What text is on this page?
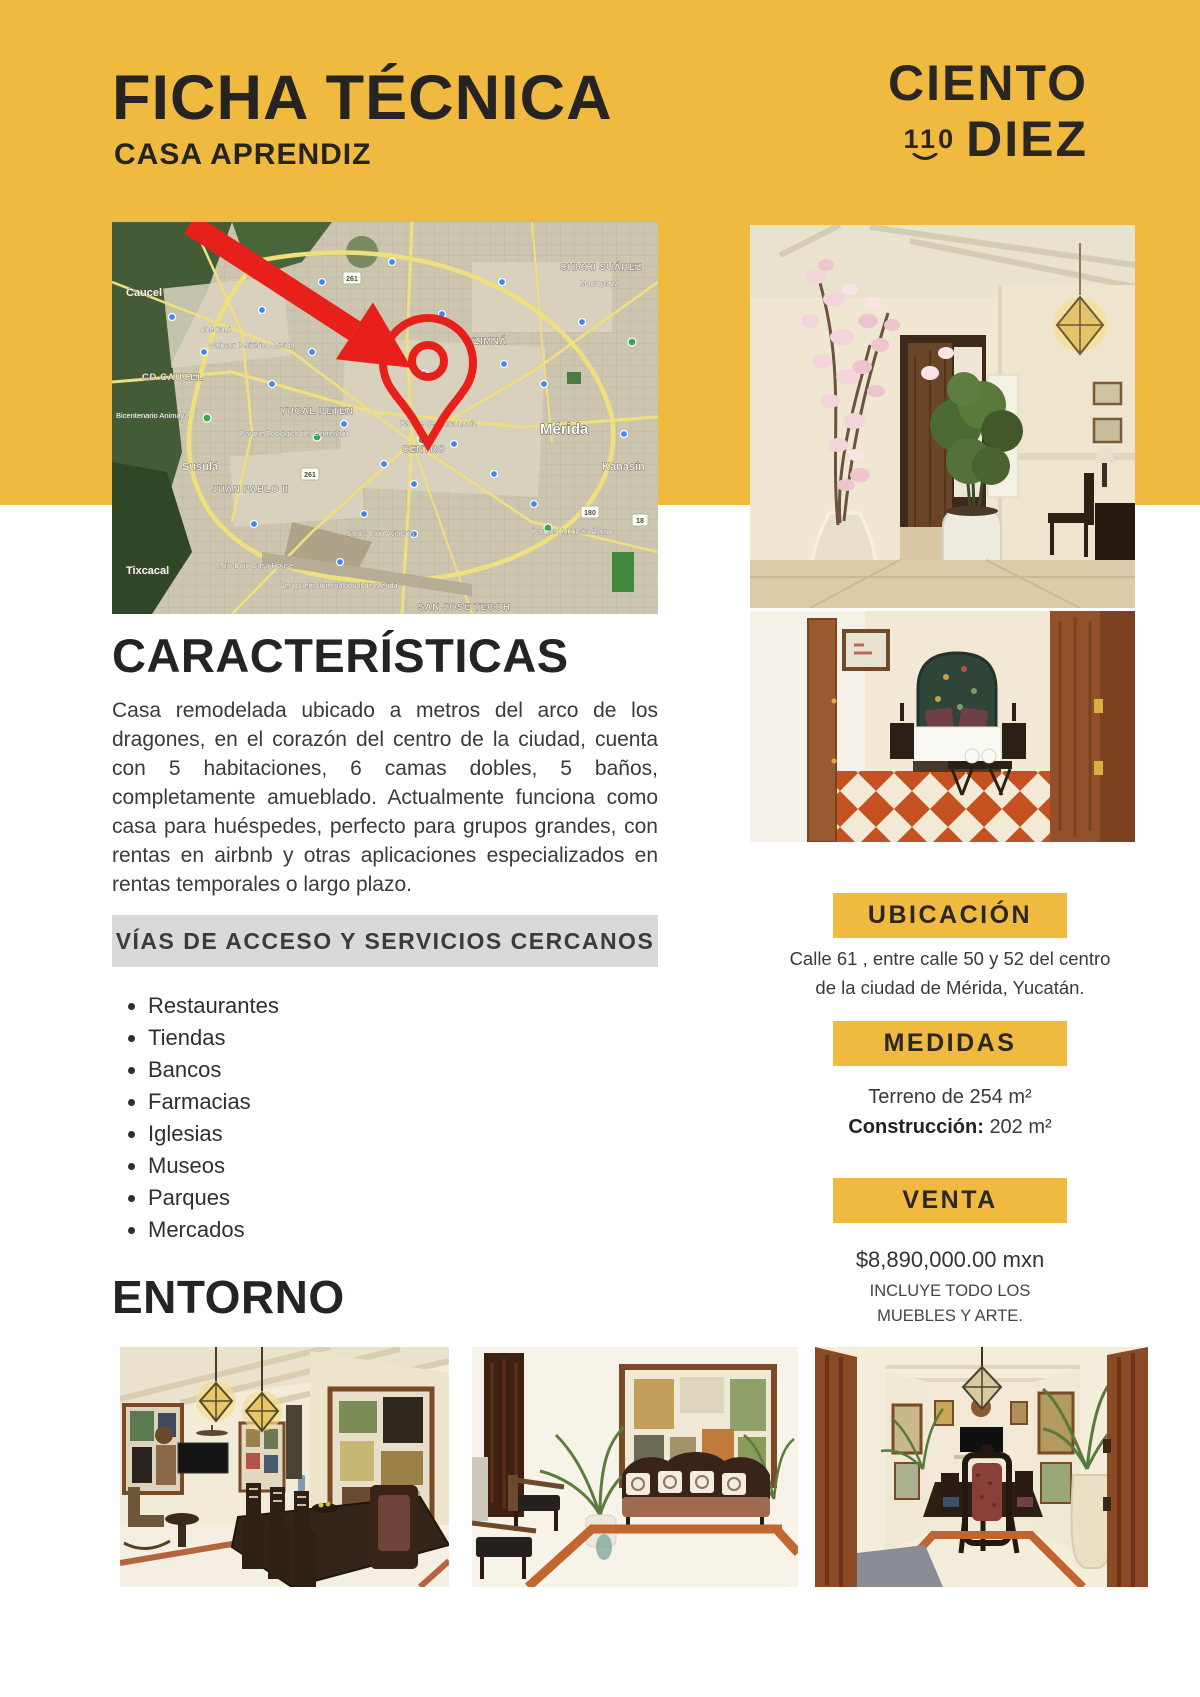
FICHA TÉCNICA
CASA APRENDIZ
CIENTO
110 DIEZ
261
261
180
18
Caucel
Chedraui
Walmart Periférico Mérida
CD CAUCEL
Bicentenario Animaya	YUCAL PETEN
Parque Zoológico del Centenario
Parque de Santa Lucía
CENTRO
Susulá
JUAN PABLO II
Mérida
ITZIMNÁ
CHICHI SUÁREZ
Kanasín
Sam's Club Aviación	Parque Kukulcán Álamo
Mojo Dojo Casa House
Aeropuerto Internacional de Mérida
Tixcacal
SAN JOSE TECOH
Macroplaza
CARACTERÍSTICAS
Casa remodelada ubicado a metros del arco de los dragones, en el corazón del centro de la ciudad, cuenta con 5 habitaciones, 6 camas dobles, 5 baños, completamente amueblado. Actualmente funciona como casa para huéspedes, perfecto para grupos grandes, con rentas en airbnb y otras aplicaciones especializados en rentas temporales o largo plazo.
VÍAS DE ACCESO Y SERVICIOS CERCANOS
• Restaurantes
• Tiendas
• Bancos
• Farmacias
• Iglesias
• Museos
• Parques
• Mercados
ENTORNO
UBICACIÓN
Calle 61 , entre calle 50 y 52 del centro
de la ciudad de Mérida, Yucatán.
MEDIDAS
Terreno de 254 m²
Construcción: 202 m²
VENTA
$8,890,000.00 mxn
INCLUYE TODO LOS
MUEBLES Y ARTE.
